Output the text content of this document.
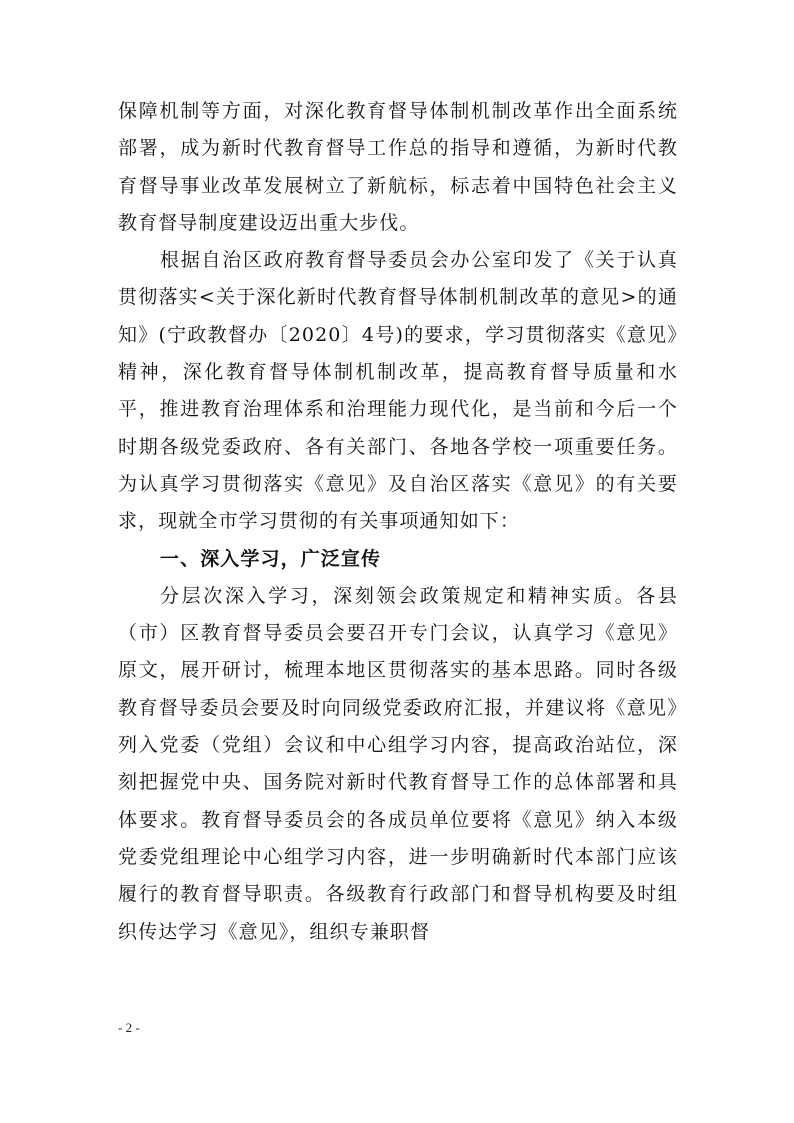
保障机制等方面，对深化教育督导体制机制改革作出全面系统部署，成为新时代教育督导工作总的指导和遵循，为新时代教育督导事业改革发展树立了新航标，标志着中国特色社会主义教育督导制度建设迈出重大步伐。

根据自治区政府教育督导委员会办公室印发了《关于认真贯彻落实<关于深化新时代教育督导体制机制改革的意见>的通知》(宁政教督办〔2020〕4号)的要求，学习贯彻落实《意见》精神，深化教育督导体制机制改革，提高教育督导质量和水平，推进教育治理体系和治理能力现代化，是当前和今后一个时期各级党委政府、各有关部门、各地各学校一项重要任务。为认真学习贯彻落实《意见》及自治区落实《意见》的有关要求，现就全市学习贯彻的有关事项通知如下：

一、深入学习，广泛宣传

分层次深入学习，深刻领会政策规定和精神实质。各县（市）区教育督导委员会要召开专门会议，认真学习《意见》原文，展开研讨，梳理本地区贯彻落实的基本思路。同时各级教育督导委员会要及时向同级党委政府汇报，并建议将《意见》列入党委（党组）会议和中心组学习内容，提高政治站位，深刻把握党中央、国务院对新时代教育督导工作的总体部署和具体要求。教育督导委员会的各成员单位要将《意见》纳入本级党委党组理论中心组学习内容，进一步明确新时代本部门应该履行的教育督导职责。各级教育行政部门和督导机构要及时组织传达学习《意见》，组织专兼职督

- 2 -
